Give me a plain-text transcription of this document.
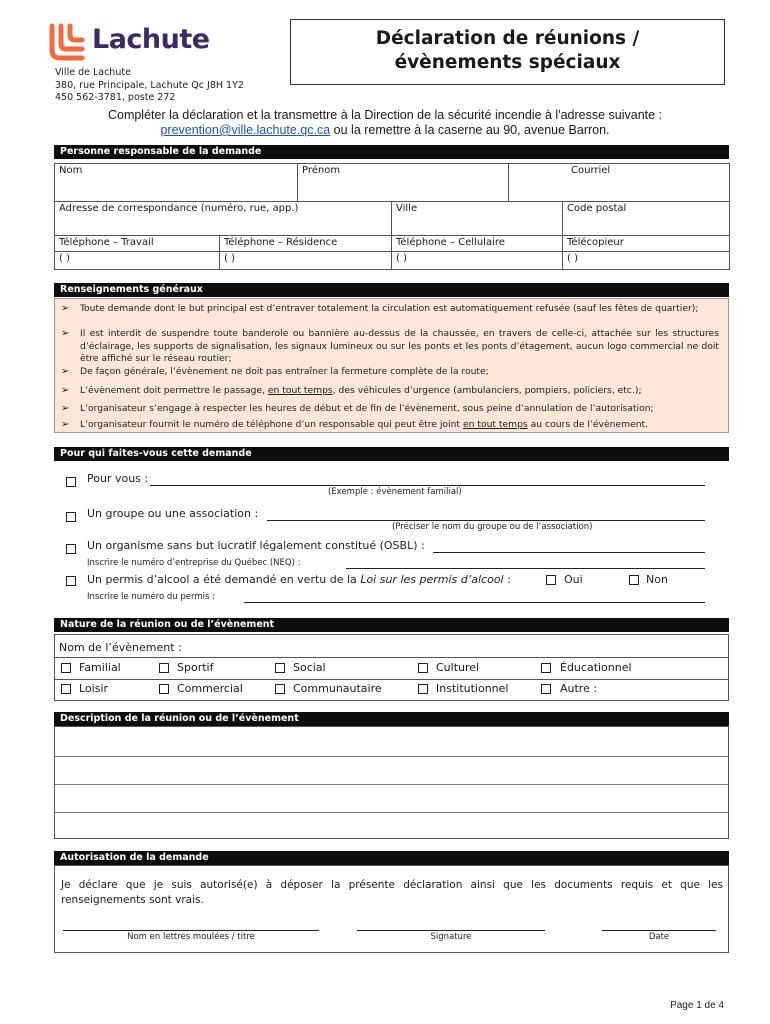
Lachute
Ville de Lachute
380, rue Principale, Lachute Qc J8H 1Y2
450 562-3781, poste 272
Déclaration de réunions /
évènements spéciaux
Compléter la déclaration et la transmettre à la Direction de la sécurité incendie à l'adresse suivante :
prevention@ville.lachute.qc.ca ou la remettre à la caserne au 90, avenue Barron.
Personne responsable de la demande
Nom		Prénom		Courriel	
Adresse de correspondance (numéro, rue, app.)			Ville		Code postal
Téléphone – Travail	Téléphone – Résidence		Téléphone – Cellulaire		Télécopieur
( )	( )		( )		( )
Renseignements généraux
➢ Toute demande dont le but principal est d’entraver totalement la circulation est automatiquement refusée (sauf les fêtes de quartier);
➢ Il est interdit de suspendre toute banderole ou bannière au-dessus de la chaussée, en travers de celle-ci, attachée sur les structures d’éclairage, les supports de signalisation, les signaux lumineux ou sur les ponts et les ponts d’étagement, aucun logo commercial ne doit être affiché sur le réseau routier;
➢ De façon générale, l’évènement ne doit pas entraîner la fermeture complète de la route;
➢ L’évènement doit permettre le passage, en tout temps, des véhicules d’urgence (ambulanciers, pompiers, policiers, etc.);
➢ L’organisateur s’engage à respecter les heures de début et de fin de l’évènement, sous peine d’annulation de l’autorisation;
➢ L’organisateur fournit le numéro de téléphone d’un responsable qui peut être joint en tout temps au cours de l’évènement.
Pour qui faites-vous cette demande
Pour vous :
(Exemple : évènement familial)
Un groupe ou une association :
(Préciser le nom du groupe ou de l’association)
Un organisme sans but lucratif légalement constitué (OSBL) :
Inscrire le numéro d’entreprise du Québec (NEQ) :
Un permis d’alcool a été demandé en vertu de la Loi sur les permis d’alcool :	Oui	Non
Inscrire le numéro du permis :
Nature de la réunion ou de l’évènement
Nom de l’évènement :
Familial	Sportif	Social	Culturel	Éducationnel
Loisir	Commercial	Communautaire	Institutionnel	Autre :
Description de la réunion ou de l’évènement
Autorisation de la demande
Je déclare que je suis autorisé(e) à déposer la présente déclaration ainsi que les documents requis et que les renseignements sont vrais.
Nom en lettres moulées / titre	Signature	Date
Page 1 de 4
